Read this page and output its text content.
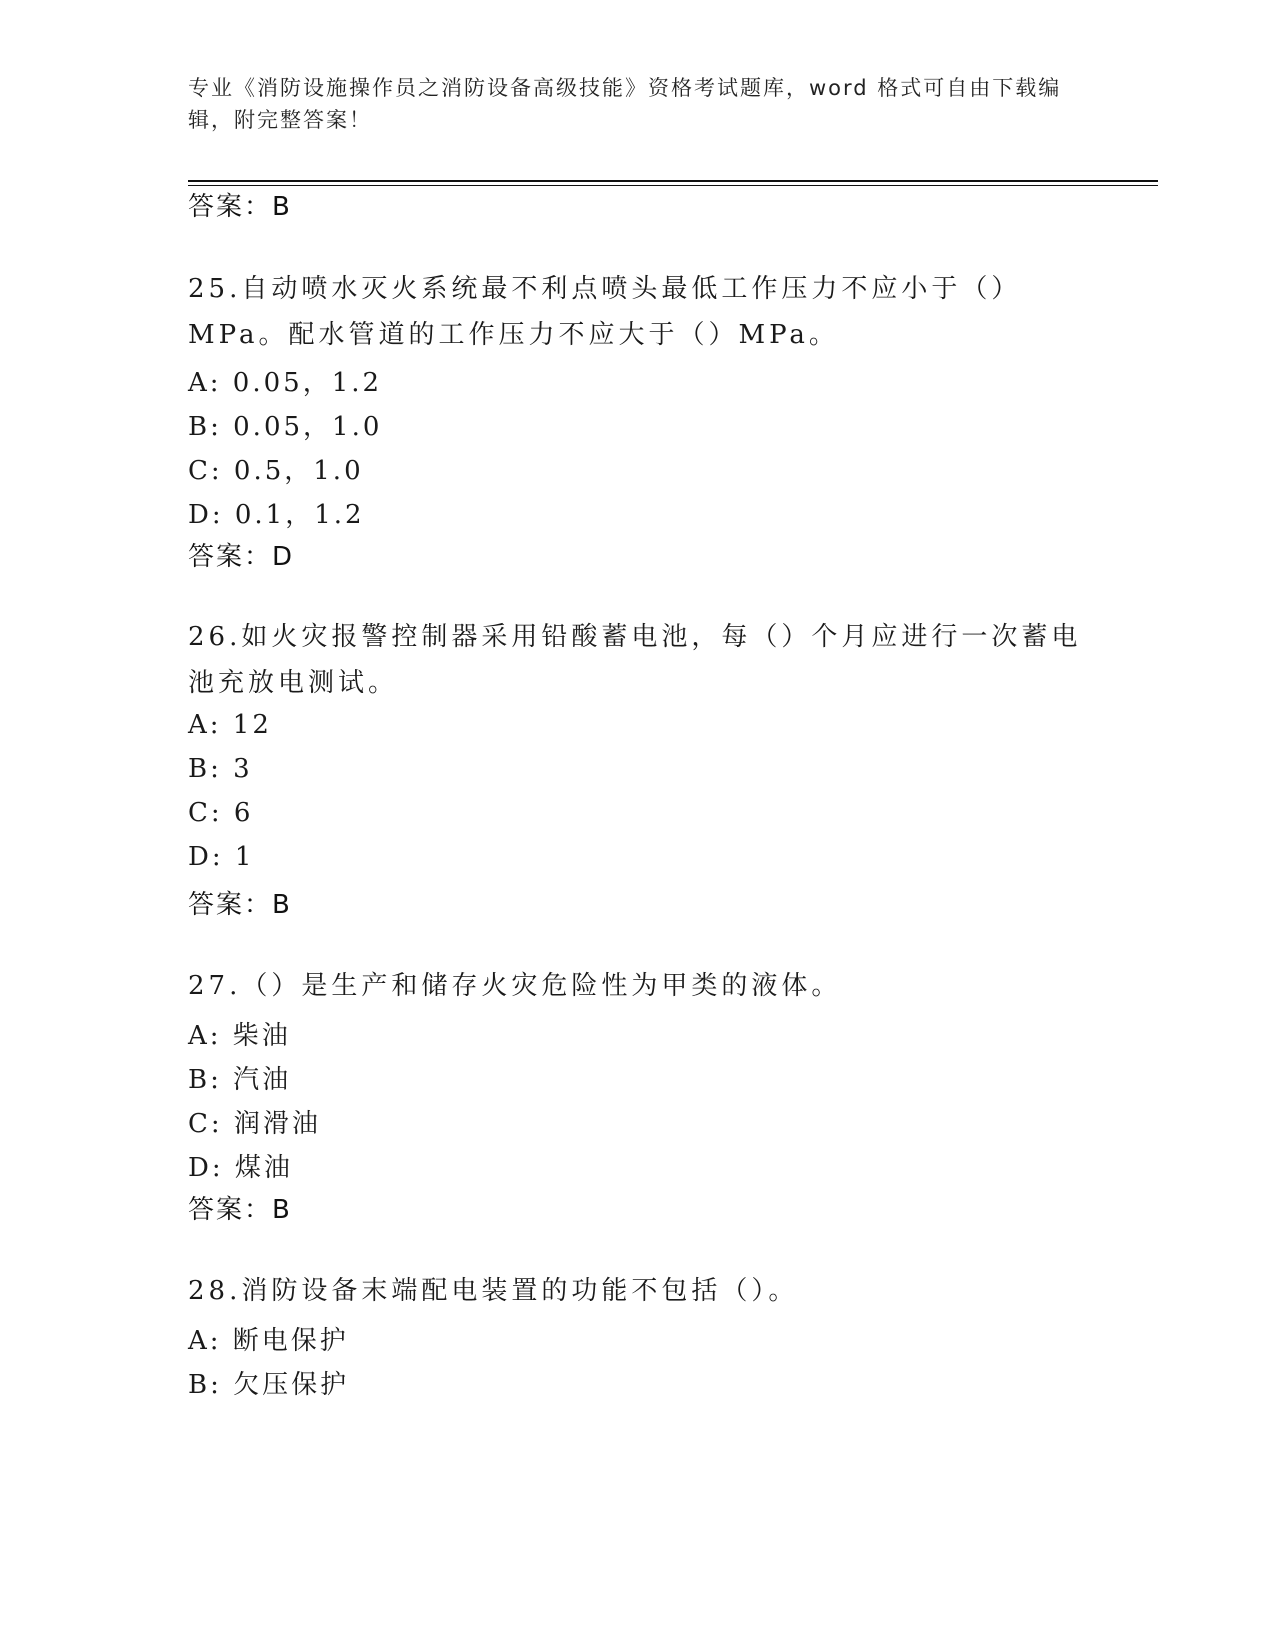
专业《消防设施操作员之消防设备高级技能》资格考试题库，word 格式可自由下载编辑，附完整答案！
答案：B
25.自动喷水灭火系统最不利点喷头最低工作压力不应小于（）MPa。配水管道的工作压力不应大于（）MPa。
A: 0.05，1.2
B: 0.05，1.0
C: 0.5，1.0
D: 0.1，1.2
答案：D
26.如火灾报警控制器采用铅酸蓄电池，每（）个月应进行一次蓄电池充放电测试。
A: 12
B: 3
C: 6
D: 1
答案：B
27.（）是生产和储存火灾危险性为甲类的液体。
A: 柴油
B: 汽油
C: 润滑油
D: 煤油
答案：B
28.消防设备末端配电装置的功能不包括（）。
A: 断电保护
B: 欠压保护
